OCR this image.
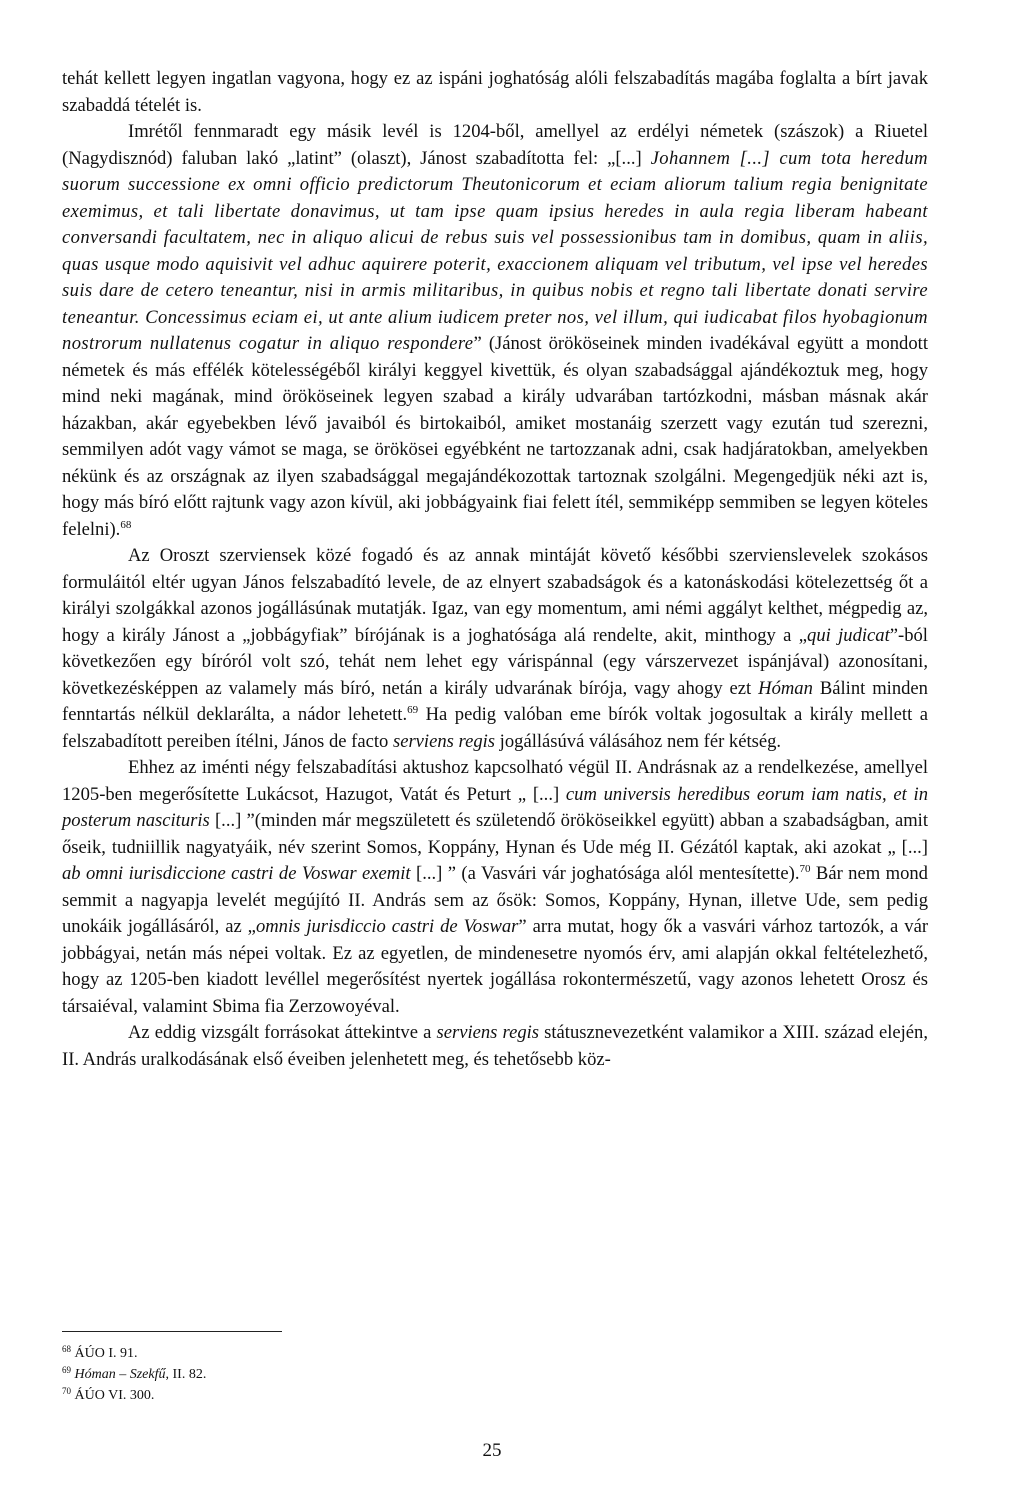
tehát kellett legyen ingatlan vagyona, hogy ez az ispáni joghatóság alóli felszabadítás magába foglalta a bírt javak szabaddá tételét is.

Imrétől fennmaradt egy másik levél is 1204-ből, amellyel az erdélyi németek (szászok) a Riuetel (Nagydisznód) faluban lakó „latint” (olaszt), Jánost szabadította fel: „[...] Johannem [...] cum tota heredum suorum successione ex omni officio predictorum Theutonicorum et eciam aliorum talium regia benignitate exemimus, et tali libertate donavimus, ut tam ipse quam ipsius heredes in aula regia liberam habeant conversandi facultatem, nec in aliquo alicui de rebus suis vel possessionibus tam in domibus, quam in aliis, quas usque modo aquisivit vel adhuc aquirere poterit, exaccionem aliquam vel tributum, vel ipse vel heredes suis dare de cetero teneantur, nisi in armis militaribus, in quibus nobis et regno tali libertate donati servire teneantur. Concessimus eciam ei, ut ante alium iudicem preter nos, vel illum, qui iudicabat filos hyobagionum nostrorum nullatenus cogatur in aliquo respondere” (Jánost örököseinek minden ivadékával együtt a mondott németek és más effélék kötelességéből királyi keggyel kivettük, és olyan szabadsággal ajándékoztuk meg, hogy mind neki magának, mind örököseinek legyen szabad a király udvarában tartózkodni, másban másnak akár házakban, akár egyebekben lévő javaiból és birtokaiból, amiket mostanáig szerzett vagy ezután tud szerezni, semmilyen adót vagy vámot se maga, se örökösei egyébként ne tartozzanak adni, csak hadjáratokban, amelyekben nékünk és az országnak az ilyen szabadsággal megajándékozottak tartoznak szolgálni. Megengedjük néki azt is, hogy más bíró előtt rajtunk vagy azon kívül, aki jobbágyaink fiai felett ítél, semmiképp semmiben se legyen köteles felelni).$^{68}$

Az Oroszt szerviensek közé fogadó és az annak mintáját követő későbbi szervienslevelek szokásos formuláitól eltér ugyan János felszabadító levele, de az elnyert szabadságok és a katonáskodási kötelezettség őt a királyi szolgákkal azonos jogállásúnak mutatják. Igaz, van egy momentum, ami némi aggályt kelthet, mégpedig az, hogy a király Jánost a „jobbágyfiak” bírójának is a joghatósága alá rendelte, akit, minthogy a „qui judicat”-ból következően egy bíróról volt szó, tehát nem lehet egy várispánnal (egy várszervezet ispánjával) azonosítani, következésképpen az valamely más bíró, netán a király udvarának bírója, vagy ahogy ezt Hóman Bálint minden fenntartás nélkül deklarálta, a nádor lehetett.$^{69}$ Ha pedig valóban eme bírók voltak jogosultak a király mellett a felszabadított pereiben ítélni, János de facto serviens regis jogállásúvá válásához nem fér kétség.

Ehhez az iménti négy felszabadítási aktushoz kapcsolható végül II. Andrásnak az a rendelkezése, amellyel 1205-ben megerősítette Lukácsot, Hazugot, Vatát és Peturt „ [...] cum universis heredibus eorum iam natis, et in posterum nascituris [...] ”(minden már megszületett és születendő örököseikkel együtt) abban a szabadságban, amit őseik, tudniillik nagyatyáik, név szerint Somos, Koppány, Hynan és Ude még II. Gézától kaptak, aki azokat „ [...] ab omni iurisdiccione castri de Voswar exemit [...] ” (a Vasvári vár joghatósága alól mentesítette).$^{70}$ Bár nem mond semmit a nagyapja levelét megújító II. András sem az ősök: Somos, Koppány, Hynan, illetve Ude, sem pedig unokáik jogállásáról, az „omnis jurisdiccio castri de Voswar” arra mutat, hogy ők a vasvári várhoz tartozók, a vár jobbágyai, netán más népei voltak. Ez az egyetlen, de mindenesetre nyomós érv, ami alapján okkal feltételezhető, hogy az 1205-ben kiadott levéllel megerősítést nyertek jogállása rokontermészetű, vagy azonos lehetett Orosz és társaiéval, valamint Sbima fia Zerzowoyéval.

Az eddig vizsgált forrásokat áttekintve a serviens regis státusznevezetként valamikor a XIII. század elején, II. András uralkodásának első éveiben jelenhetett meg, és tehetősebb köz-

$^{68}$ ÁÚO I. 91.
$^{69}$ Hóman – Szekfű, II. 82.
$^{70}$ ÁÚO VI. 300.
25
